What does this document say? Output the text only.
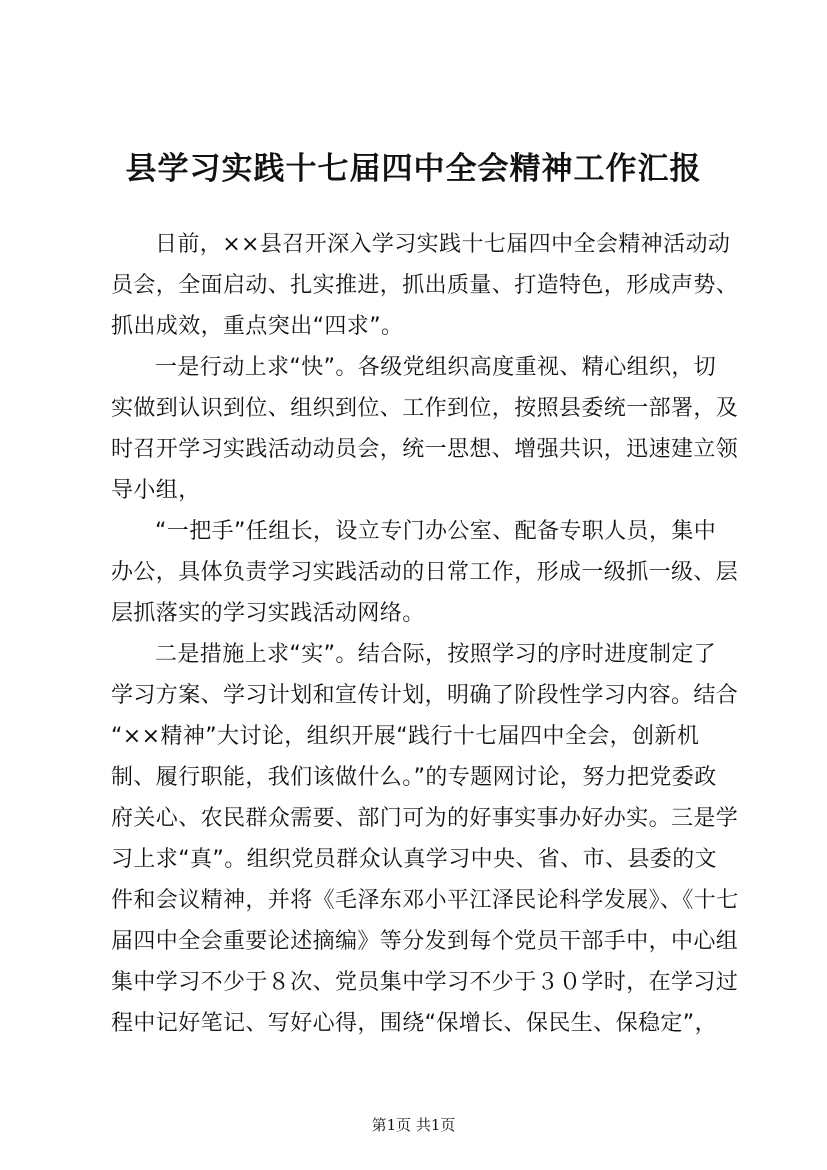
县学习实践十七届四中全会精神工作汇报
日前，××县召开深入学习实践十七届四中全会精神活动动
员会，全面启动、扎实推进，抓出质量、打造特色，形成声势、
抓出成效，重点突出“四求”。
一是行动上求“快”。各级党组织高度重视、精心组织，切
实做到认识到位、组织到位、工作到位，按照县委统一部署，及
时召开学习实践活动动员会，统一思想、增强共识，迅速建立领
导小组，
“一把手”任组长，设立专门办公室、配备专职人员，集中
办公，具体负责学习实践活动的日常工作，形成一级抓一级、层
层抓落实的学习实践活动网络。
二是措施上求“实”。结合际，按照学习的序时进度制定了
学习方案、学习计划和宣传计划，明确了阶段性学习内容。结合
“××精神”大讨论，组织开展“践行十七届四中全会，创新机
制、履行职能，我们该做什么。”的专题网讨论，努力把党委政
府关心、农民群众需要、部门可为的好事实事办好办实。三是学
习上求“真”。组织党员群众认真学习中央、省、市、县委的文
件和会议精神，并将《毛泽东邓小平江泽民论科学发展》、《十七
届四中全会重要论述摘编》等分发到每个党员干部手中，中心组
集中学习不少于８次、党员集中学习不少于３０学时，在学习过
程中记好笔记、写好心得，围绕“保增长、保民生、保稳定”，
第1页 共1页
